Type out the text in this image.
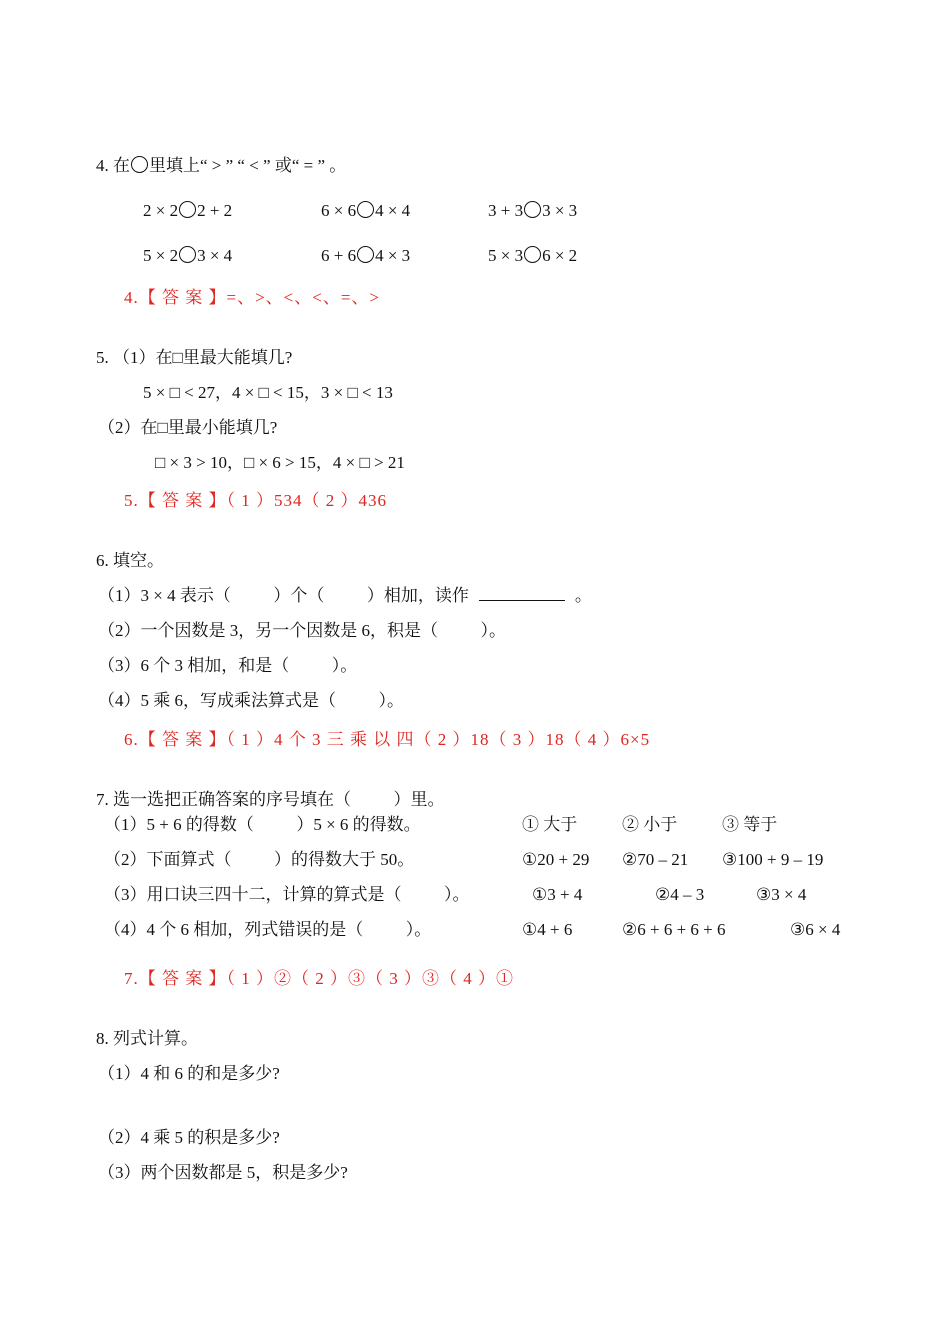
4. 在 里填上“ > ” “ < ” 或“ = ” 。
2 × 2 2 + 2	6 × 6 4 × 4	3 + 3 3 × 3
5 × 2 3 × 4	6 + 6 4 × 3	5 × 3 6 × 2
4.【 答 案 】=、>、<、<、=、>
5. （1）在□里最大能填几?
5 × □ < 27，4 × □ < 15，3 × □ < 13
（2）在□里最小能填几?
□ × 3 > 10，□ × 6 > 15，4 × □ > 21
5.【 答 案 】（ 1 ）534（ 2 ）436
6. 填空。
（1）3 × 4 表示（          ）个（          ）相加，读作	。
（2）一个因数是 3，另一个因数是 6，积是（          ）。
（3）6 个 3 相加，和是（          ）。
（4）5 乘 6，写成乘法算式是（          ）。
6.【 答 案 】（ 1 ）4 个 3 三 乘 以 四（ 2 ）18（ 3 ）18（ 4 ）6×5
7. 选一选把正确答案的序号填在（          ）里。
（1）5 + 6 的得数（          ）5 × 6 的得数。	① 大于	② 小于	③ 等于
（2）下面算式（          ）的得数大于 50。	①20 + 29 ②70 – 21 ③100 + 9 – 19
（3）用口诀三四十二，计算的算式是（          ）。	①3 + 4	②4 – 3	③3 × 4
（4）4 个 6 相加，列式错误的是（          ）。	①4 + 6	②6 + 6 + 6 + 6	③6 × 4
7.【 答 案 】（ 1 ）②（ 2 ）③（ 3 ）③（ 4 ）①
8. 列式计算。
（1）4 和 6 的和是多少?
（2）4 乘 5 的积是多少?
（3）两个因数都是 5，积是多少?
